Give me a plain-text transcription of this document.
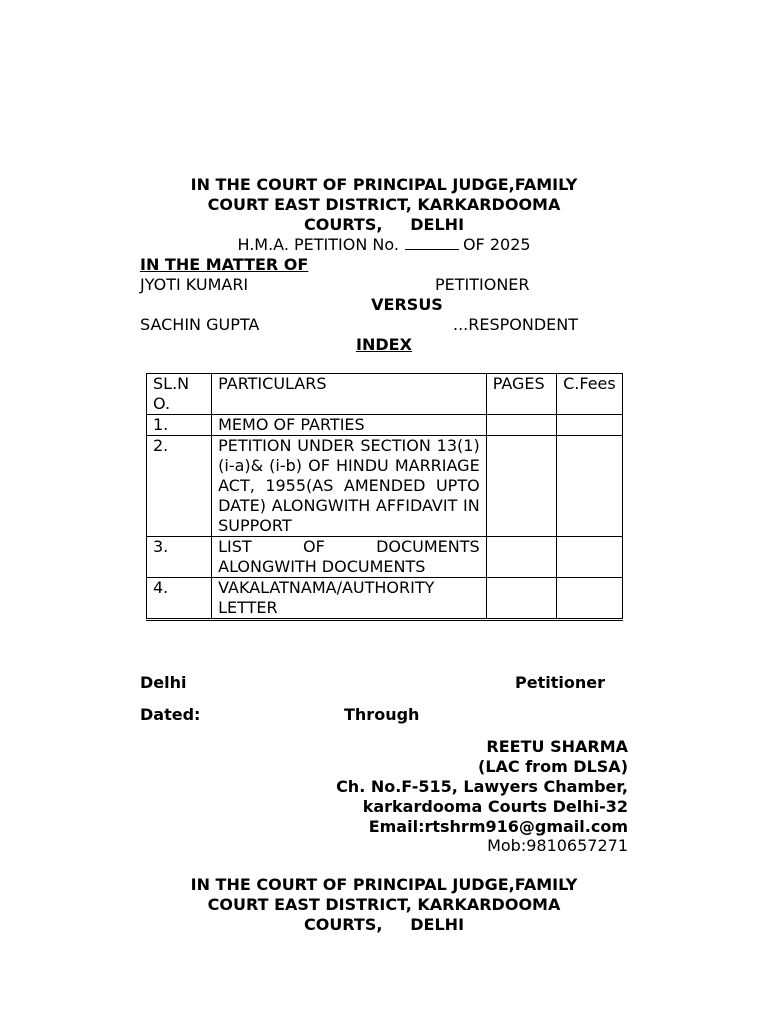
IN THE COURT OF PRINCIPAL JUDGE,FAMILY
COURT EAST DISTRICT, KARKARDOOMA
COURTS,     DELHI
H.M.A. PETITION No.	OF 2025
IN THE MATTER OF
JYOTI KUMARI	PETITIONER
VERSUS
SACHIN GUPTA	...RESPONDENT
INDEX
SL.NO.	PARTICULARS	PAGES	C.Fees
1.	MEMO OF PARTIES		
2.	PETITION UNDER SECTION 13(1)(i-a)& (i-b) OF HINDU MARRIAGE ACT, 1955(AS AMENDED UPTO DATE) ALONGWITH AFFIDAVIT IN SUPPORT		
3.	LIST OF DOCUMENTS ALONGWITH DOCUMENTS		
4.	VAKALATNAMA/AUTHORITY LETTER		
Delhi	Petitioner
Dated:	Through
REETU SHARMA
(LAC from DLSA)
Ch. No.F-515, Lawyers Chamber,
karkardooma Courts Delhi-32
Email:rtshrm916@gmail.com
Mob:9810657271
IN THE COURT OF PRINCIPAL JUDGE,FAMILY
COURT EAST DISTRICT, KARKARDOOMA
COURTS,     DELHI
